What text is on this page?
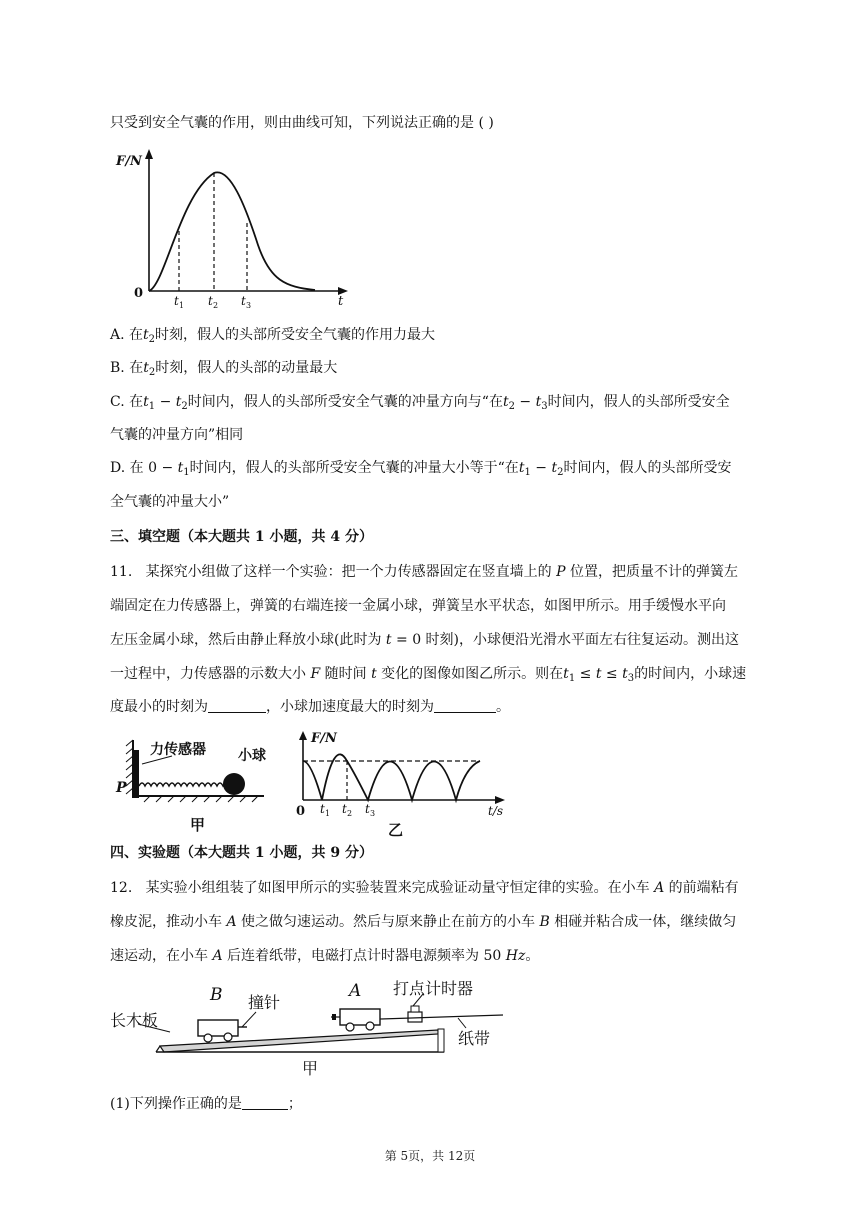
只受到安全气囊的作用，则由曲线可知，下列说法正确的是 ( )
F/N
0
t
t 1 t 2 t 3
A. 在$t_2$时刻，假人的头部所受安全气囊的作用力最大
B. 在$t_2$时刻，假人的头部的动量最大
C. 在$t_1 - t_2$时间内，假人的头部所受安全气囊的冲量方向与“在$t_2 - t_3$时间内，假人的头部所受安全
气囊的冲量方向”相同
D. 在 $0 - t_1$时间内，假人的头部所受安全气囊的冲量大小等于“在$t_1 - t_2$时间内，假人的头部所受安
全气囊的冲量大小”
三、填空题（本大题共 1 小题，共 4 分）
11. 某探究小组做了这样一个实验：把一个力传感器固定在竖直墙上的 P 位置，把质量不计的弹簧左
端固定在力传感器上，弹簧的右端连接一金属小球，弹簧呈水平状态，如图甲所示。用手缓慢水平向
左压金属小球，然后由静止释放小球(此时为 t = 0 时刻)，小球便沿光滑水平面左右往复运动。测出这
一过程中，力传感器的示数大小 F 随时间 t 变化的图像如图乙所示。则在$t_1 \le t \le t_3$的时间内，小球速
度最小的时刻为	，小球加速度最大的时刻为	。
力传感器 小球
P
甲
F/N
0 t 1 t 2 t 3	t/s
乙
四、实验题（本大题共 1 小题，共 9 分）
12. 某实验小组组装了如图甲所示的实验装置来完成验证动量守恒定律的实验。在小车 A 的前端粘有
橡皮泥，推动小车 A 使之做匀速运动。然后与原来静止在前方的小车 B 相碰并粘合成一体，继续做匀
速运动，在小车 A 后连着纸带，电磁打点计时器电源频率为 50 Hz。
长木板
B 撞针
A 打点计时器
纸带
甲
(1)下列操作正确的是	；
第 5页，共 12页
